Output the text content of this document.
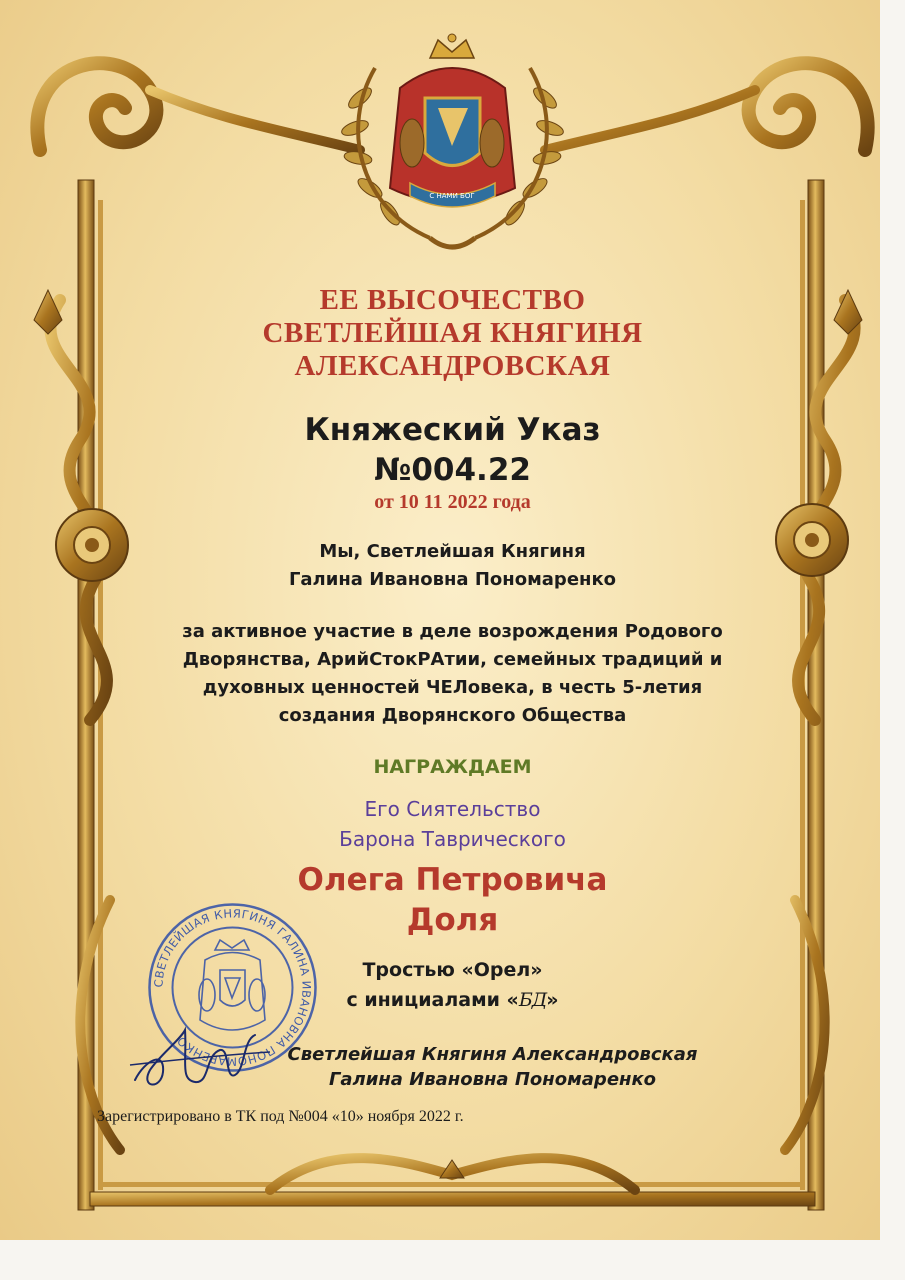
С НАМИ БОГ
ЕЕ ВЫСОЧЕСТВО
СВЕТЛЕЙШАЯ КНЯГИНЯ
АЛЕКСАНДРОВСКАЯ
Княжеский Указ
№004.22
от 10 11 2022 года
Мы, Светлейшая Княгиня
Галина Ивановна Пономаренко
за активное участие в деле возрождения Родового
Дворянства, АрийСтокРАтии, семейных традиций и
духовных ценностей ЧЕЛовека, в честь 5-летия
создания Дворянского Общества
НАГРАЖДАЕМ
Его Сиятельство
Барона Таврического
Олега Петровича
Доля
СВЕТЛЕЙШАЯ КНЯГИНЯ ГАЛИНА ИВАНОВНА ПОНОМАРЕНКО
Тростью «Орел»
с инициалами «БД»
Светлейшая Княгиня Александровская
Галина Ивановна Пономаренко
Зарегистрировано в ТК под №004 «10» ноября 2022 г.
